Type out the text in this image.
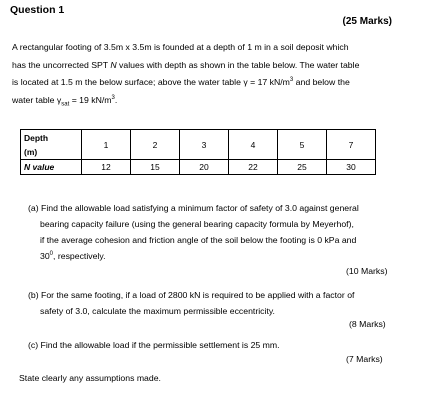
Question 1
(25 Marks)
A rectangular footing of 3.5m x 3.5m is founded at a depth of 1 m in a soil deposit which
has the uncorrected SPT N values with depth as shown in the table below. The water table
is located at 1.5 m the below surface; above the water table γ = 17 $kN/m^3$ and below the
water table $\gamma_{sat} = 19$ $kN/m^3$.
Depth
(m)	1	2	3	4	5	7
N value	12	15	20	22	25	30
(a) Find the allowable load satisfying a minimum factor of safety of 3.0 against general
bearing capacity failure (using the general bearing capacity formula by Meyerhof),
if the average cohesion and friction angle of the soil below the footing is 0 kPa and
$30^0$, respectively.
(10 Marks)
(b) For the same footing, if a load of 2800 kN is required to be applied with a factor of
safety of 3.0, calculate the maximum permissible eccentricity.
(8 Marks)
(c) Find the allowable load if the permissible settlement is 25 mm.
(7 Marks)
State clearly any assumptions made.
